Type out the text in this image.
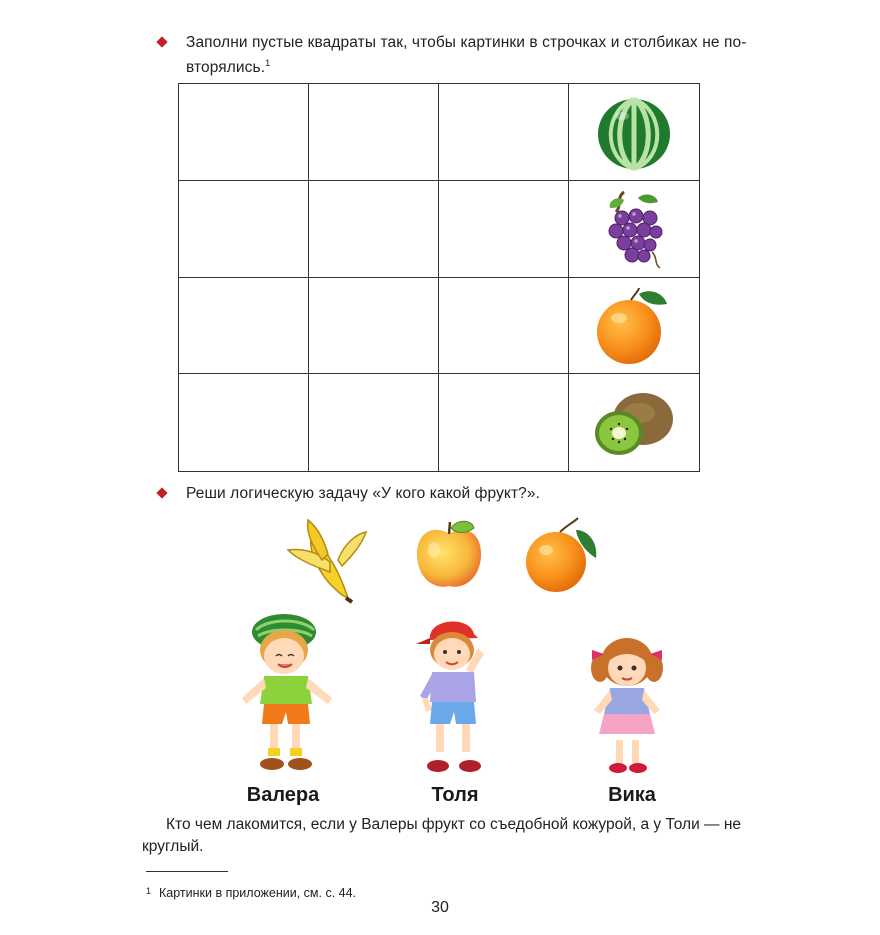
Заполни пустые квадраты так, чтобы картинки в строчках и столбиках не по-
вторялись.$^1$
Реши логическую задачу «У кого какой фрукт?».
Валера	Толя	Вика
Кто чем лакомится, если у Валеры фрукт со съедобной кожурой, а у Толи — не
круглый.
$^1$ Картинки в приложении, см. с. 44.
30
